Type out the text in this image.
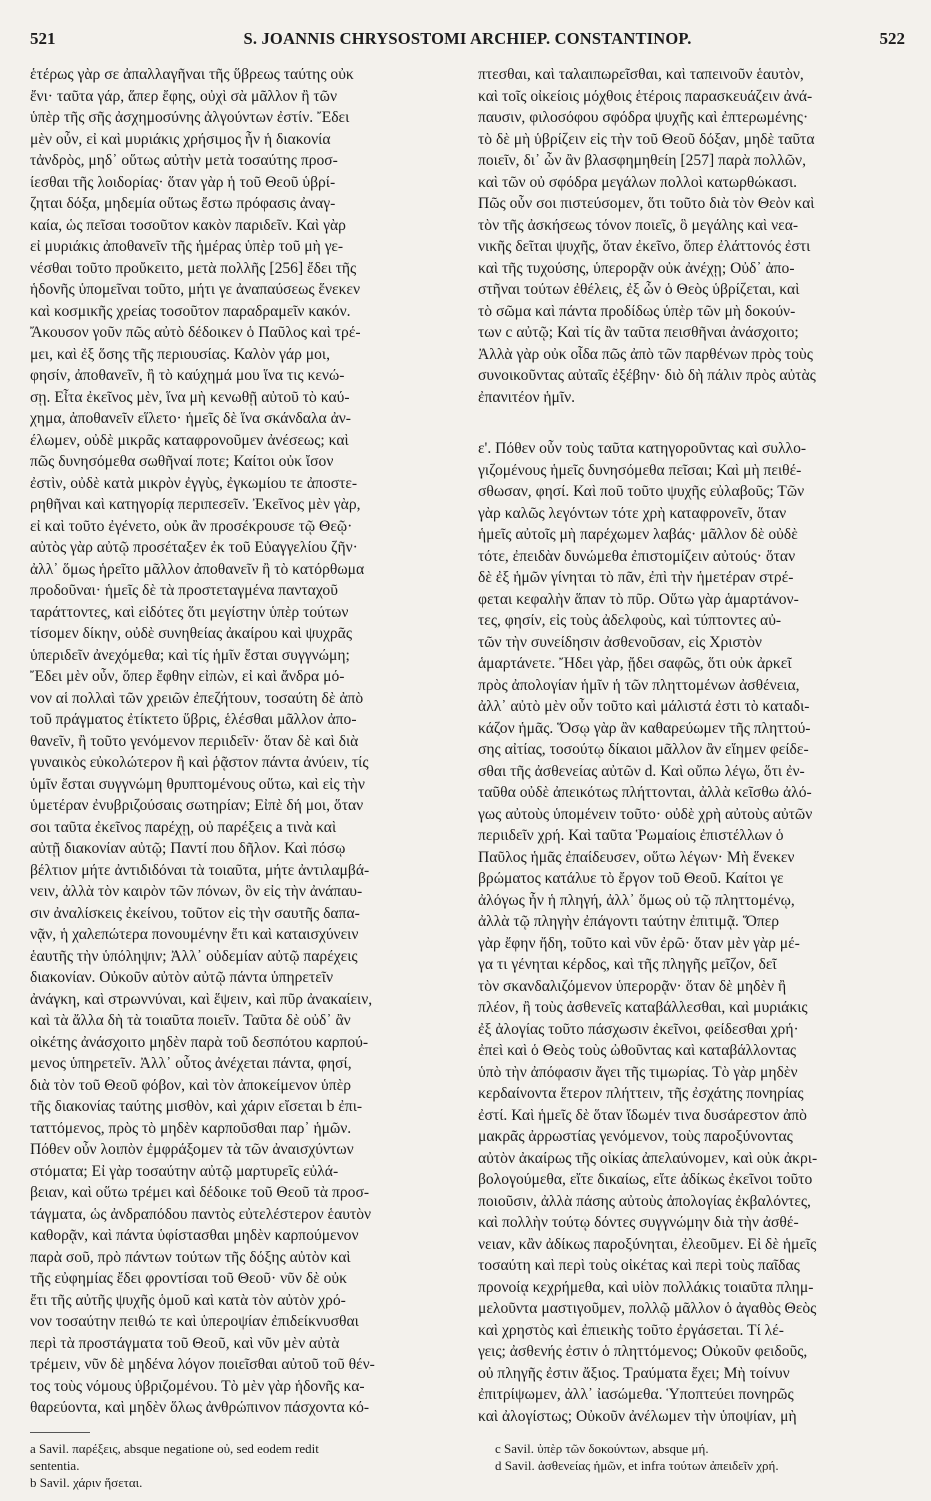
521	S. JOANNIS CHRYSOSTOMI ARCHIEP. CONSTANTINOP.	522
ἑτέρως γὰρ σε ἀπαλλαγῆναι τῆς ὕβρεως ταύτης οὐκ
ἔνι· ταῦτα γάρ, ἅπερ ἔφης, οὐχὶ σὰ μᾶλλον ἢ τῶν
ὑπὲρ τῆς σῆς ἀσχημοσύνης ἀλγούντων ἐστίν. Ἔδει
μὲν οὖν, εἰ καὶ μυριάκις χρήσιμος ἦν ἡ διακονία
τἀνδρὸς, μηδ᾽ οὕτως αὐτὴν μετὰ τοσαύτης προσ-
ίεσθαι τῆς λοιδορίας· ὅταν γὰρ ἡ τοῦ Θεοῦ ὑβρί-
ζηται δόξα, μηδεμία οὕτως ἔστω πρόφασις ἀναγ-
καία, ὡς πεῖσαι τοσοῦτον κακὸν παριδεῖν. Καὶ γὰρ
εἰ μυριάκις ἀποθανεῖν τῆς ἡμέρας ὑπὲρ τοῦ μὴ γε-
νέσθαι τοῦτο προὔκειτο, μετὰ πολλῆς [256] ἔδει τῆς
ἡδονῆς ὑπομεῖναι τοῦτο, μήτι γε ἀναπαύσεως ἕνεκεν
καὶ κοσμικῆς χρείας τοσοῦτον παραδραμεῖν κακόν.
Ἄκουσον γοῦν πῶς αὐτὸ δέδοικεν ὁ Παῦλος καὶ τρέ-
μει, καὶ ἐξ ὅσης τῆς περιουσίας. Καλὸν γάρ μοι,
φησίν, ἀποθανεῖν, ἢ τὸ καύχημά μου ἵνα τις κενώ-
σῃ. Εἶτα ἐκεῖνος μὲν, ἵνα μὴ κενωθῇ αὐτοῦ τὸ καύ-
χημα, ἀποθανεῖν εἵλετο· ἡμεῖς δὲ ἵνα σκάνδαλα ἀν-
έλωμεν, οὐδὲ μικρᾶς καταφρονοῦμεν ἀνέσεως; καὶ
πῶς δυνησόμεθα σωθῆναί ποτε; Καίτοι οὐκ ἴσον
ἐστὶν, οὐδὲ κατὰ μικρὸν ἐγγὺς, ἐγκωμίου τε ἀποστε-
ρηθῆναι καὶ κατηγορίᾳ περιπεσεῖν. Ἐκεῖνος μὲν γὰρ,
εἰ καὶ τοῦτο ἐγένετο, οὐκ ἂν προσέκρουσε τῷ Θεῷ·
αὐτὸς γὰρ αὐτῷ προσέταξεν ἐκ τοῦ Εὐαγγελίου ζῆν·
ἀλλ᾽ ὅμως ἡρεῖτο μᾶλλον ἀποθανεῖν ἢ τὸ κατόρθωμα
προδοῦναι· ἡμεῖς δὲ τὰ προστεταγμένα πανταχοῦ
ταράττοντες, καὶ εἰδότες ὅτι μεγίστην ὑπὲρ τούτων
τίσομεν δίκην, οὐδὲ συνηθείας ἀκαίρου καὶ ψυχρᾶς
ὑπεριδεῖν ἀνεχόμεθα; καὶ τίς ἡμῖν ἔσται συγγνώμη;
Ἔδει μὲν οὖν, ὅπερ ἔφθην εἰπὼν, εἰ καὶ ἄνδρα μό-
νον αἱ πολλαὶ τῶν χρειῶν ἐπεζήτουν, τοσαύτη δὲ ἀπὸ
τοῦ πράγματος ἐτίκτετο ὕβρις, ἑλέσθαι μᾶλλον ἀπο-
θανεῖν, ἢ τοῦτο γενόμενον περιιδεῖν· ὅταν δὲ καὶ διὰ
γυναικὸς εὐκολώτερον ἢ καὶ ῥᾷστον πάντα ἀνύειν, τίς
ὑμῖν ἔσται συγγνώμη θρυπτομένους οὕτω, καὶ εἰς τὴν
ὑμετέραν ἐνυβριζούσαις σωτηρίαν; Εἰπὲ δή μοι, ὅταν
σοι ταῦτα ἐκεῖνος παρέχῃ, οὐ παρέξεις a τινὰ καὶ
αὐτῇ διακονίαν αὐτῷ; Παντί που δῆλον. Καὶ πόσῳ
βέλτιον μήτε ἀντιδιδόναι τὰ τοιαῦτα, μήτε ἀντιλαμβά-
νειν, ἀλλὰ τὸν καιρὸν τῶν πόνων, ὃν εἰς τὴν ἀνάπαυ-
σιν ἀναλίσκεις ἐκείνου, τοῦτον εἰς τὴν σαυτῆς δαπα-
νᾷν, ἡ χαλεπώτερα πονουμένην ἔτι καὶ καταισχύνειν
ἑαυτῆς τὴν ὑπόληψιν; Ἀλλ᾽ οὐδεμίαν αὐτῷ παρέχεις
διακονίαν. Οὐκοῦν αὐτὸν αὐτῷ πάντα ὑπηρετεῖν
ἀνάγκη, καὶ στρωννύναι, καὶ ἕψειν, καὶ πῦρ ἀνακαίειν,
καὶ τὰ ἄλλα δὴ τὰ τοιαῦτα ποιεῖν. Ταῦτα δὲ οὐδ᾽ ἂν
οἰκέτης ἀνάσχοιτο μηδὲν παρὰ τοῦ δεσπότου καρπού-
μενος ὑπηρετεῖν. Ἀλλ᾽ οὗτος ἀνέχεται πάντα, φησί,
διὰ τὸν τοῦ Θεοῦ φόβον, καὶ τὸν ἀποκείμενον ὑπὲρ
τῆς διακονίας ταύτης μισθὸν, καὶ χάριν εἴσεται b ἐπι-
ταττόμενος, πρὸς τὸ μηδὲν καρποῦσθαι παρ᾽ ἡμῶν.
Πόθεν οὖν λοιπὸν ἐμφράξομεν τὰ τῶν ἀναισχύντων
στόματα; Εἰ γὰρ τοσαύτην αὐτῷ μαρτυρεῖς εὐλά-
βειαν, καὶ οὕτω τρέμει καὶ δέδοικε τοῦ Θεοῦ τὰ προσ-
τάγματα, ὡς ἀνδραπόδου παντὸς εὐτελέστερον ἑαυτὸν
καθορᾷν, καὶ πάντα ὑφίστασθαι μηδὲν καρπούμενον
παρὰ σοῦ, πρὸ πάντων τούτων τῆς δόξης αὐτὸν καὶ
τῆς εὐφημίας ἔδει φροντίσαι τοῦ Θεοῦ· νῦν δὲ οὐκ
ἔτι τῆς αὐτῆς ψυχῆς ὁμοῦ καὶ κατὰ τὸν αὐτὸν χρό-
νον τοσαύτην πειθώ τε καὶ ὑπεροψίαν ἐπιδείκνυσθαι
περὶ τὰ προστάγματα τοῦ Θεοῦ, καὶ νῦν μὲν αὐτὰ
τρέμειν, νῦν δὲ μηδένα λόγον ποιεῖσθαι αὐτοῦ τοῦ θέν-
τος τοὺς νόμους ὑβριζομένου. Τὸ μὲν γὰρ ἡδονῆς κα-
θαρεύοντα, καὶ μηδὲν ὅλως ἀνθρώπινον πάσχοντα κό-
πτεσθαι, καὶ ταλαιπωρεῖσθαι, καὶ ταπεινοῦν ἑαυτὸν,
καὶ τοῖς οἰκείοις μόχθοις ἑτέροις παρασκευάζειν ἀνά-
παυσιν, φιλοσόφου σφόδρα ψυχῆς καὶ ἐπτερωμένης·
τὸ δὲ μὴ ὑβρίζειν εἰς τὴν τοῦ Θεοῦ δόξαν, μηδὲ ταῦτα
ποιεῖν, δι᾽ ὧν ἂν βλασφημηθείη [257] παρὰ πολλῶν,
καὶ τῶν οὐ σφόδρα μεγάλων πολλοὶ κατωρθώκασι.
Πῶς οὖν σοι πιστεύσομεν, ὅτι τοῦτο διὰ τὸν Θεὸν καὶ
τὸν τῆς ἀσκήσεως τόνον ποιεῖς, ὃ μεγάλης καὶ νεα-
νικῆς δεῖται ψυχῆς, ὅταν ἐκεῖνο, ὅπερ ἐλάττονός ἐστι
καὶ τῆς τυχούσης, ὑπερορᾷν οὐκ ἀνέχῃ; Οὐδ᾽ ἀπο-
στῆναι τούτων ἐθέλεις, ἐξ ὧν ὁ Θεὸς ὑβρίζεται, καὶ
τὸ σῶμα καὶ πάντα προδίδως ὑπὲρ τῶν μὴ δοκούν-
των c αὐτῷ; Καὶ τίς ἂν ταῦτα πεισθῆναι ἀνάσχοιτο;
Ἀλλὰ γὰρ οὐκ οἶδα πῶς ἀπὸ τῶν παρθένων πρὸς τοὺς
συνοικοῦντας αὐταῖς ἐξέβην· διὸ δὴ πάλιν πρὸς αὐτὰς
ἐπανιτέον ἡμῖν.
ε'. Πόθεν οὖν τοὺς ταῦτα κατηγοροῦντας καὶ συλλο-
γιζομένους ἡμεῖς δυνησόμεθα πεῖσαι; Καὶ μὴ πειθέ-
σθωσαν, φησί. Καὶ ποῦ τοῦτο ψυχῆς εὐλαβοῦς; Τῶν
γὰρ καλῶς λεγόντων τότε χρὴ καταφρονεῖν, ὅταν
ἡμεῖς αὐτοῖς μὴ παρέχωμεν λαβάς· μᾶλλον δὲ οὐδὲ
τότε, ἐπειδὰν δυνώμεθα ἐπιστομίζειν αὐτούς· ὅταν
δὲ ἐξ ἡμῶν γίνηται τὸ πᾶν, ἐπὶ τὴν ἡμετέραν στρέ-
φεται κεφαλὴν ἅπαν τὸ πῦρ. Οὕτω γὰρ ἁμαρτάνον-
τες, φησίν, εἰς τοὺς ἀδελφοὺς, καὶ τύπτοντες αὐ-
τῶν τὴν συνείδησιν ἀσθενοῦσαν, εἰς Χριστὸν
ἁμαρτάνετε. Ἤδει γὰρ, ᾔδει σαφῶς, ὅτι οὐκ ἀρκεῖ
πρὸς ἀπολογίαν ἡμῖν ἡ τῶν πληττομένων ἀσθένεια,
ἀλλ᾽ αὐτὸ μὲν οὖν τοῦτο καὶ μάλιστά ἐστι τὸ καταδι-
κάζον ἡμᾶς. Ὅσῳ γὰρ ἂν καθαρεύωμεν τῆς πληττού-
σης αἰτίας, τοσούτῳ δίκαιοι μᾶλλον ἂν εἴημεν φείδε-
σθαι τῆς ἀσθενείας αὐτῶν d. Καὶ οὔπω λέγω, ὅτι ἐν-
ταῦθα οὐδὲ ἀπεικότως πλήττονται, ἀλλὰ κεῖσθω ἀλό-
γως αὐτοὺς ὑπομένειν τοῦτο· οὐδὲ χρὴ αὐτοὺς αὐτῶν
περιιδεῖν χρή. Καὶ ταῦτα Ῥωμαίοις ἐπιστέλλων ὁ
Παῦλος ἡμᾶς ἐπαίδευσεν, οὕτω λέγων· Μὴ ἕνεκεν
βρώματος κατάλυε τὸ ἔργον τοῦ Θεοῦ. Καίτοι γε
ἀλόγως ἦν ἡ πληγή, ἀλλ᾽ ὅμως οὐ τῷ πληττομένῳ,
ἀλλὰ τῷ πληγὴν ἐπάγοντι ταύτην ἐπιτιμᾷ. Ὅπερ
γὰρ ἔφην ἤδη, τοῦτο καὶ νῦν ἐρῶ· ὅταν μὲν γὰρ μέ-
γα τι γένηται κέρδος, καὶ τῆς πληγῆς μεῖζον, δεῖ
τὸν σκανδαλιζόμενον ὑπερορᾷν· ὅταν δὲ μηδὲν ἢ
πλέον, ἢ τοὺς ἀσθενεῖς καταβάλλεσθαι, καὶ μυριάκις
ἐξ ἀλογίας τοῦτο πάσχωσιν ἐκεῖνοι, φείδεσθαι χρή·
ἐπεὶ καὶ ὁ Θεὸς τοὺς ὠθοῦντας καὶ καταβάλλοντας
ὑπὸ τὴν ἀπόφασιν ἄγει τῆς τιμωρίας. Τὸ γὰρ μηδὲν
κερδαίνοντα ἕτερον πλήττειν, τῆς ἐσχάτης πονηρίας
ἐστί. Καὶ ἡμεῖς δὲ ὅταν ἴδωμέν τινα δυσάρεστον ἀπὸ
μακρᾶς ἀρρωστίας γενόμενον, τοὺς παροξύνοντας
αὐτὸν ἀκαίρως τῆς οἰκίας ἀπελαύνομεν, καὶ οὐκ ἀκρι-
βολογούμεθα, εἴτε δικαίως, εἴτε ἀδίκως ἐκεῖνοι τοῦτο
ποιοῦσιν, ἀλλὰ πάσης αὐτοὺς ἀπολογίας ἐκβαλόντες,
καὶ πολλὴν τούτῳ δόντες συγγνώμην διὰ τὴν ἀσθέ-
νειαν, κἂν ἀδίκως παροξύνηται, ἐλεοῦμεν. Εἰ δὲ ἡμεῖς
τοσαύτη καὶ περὶ τοὺς οἰκέτας καὶ περὶ τοὺς παῖδας
προνοίᾳ κεχρήμεθα, καὶ υἱὸν πολλάκις τοιαῦτα πλημ-
μελοῦντα μαστιγοῦμεν, πολλῷ μᾶλλον ὁ ἀγαθὸς Θεὸς
καὶ χρηστὸς καὶ ἐπιεικὴς τοῦτο ἐργάσεται. Τί λέ-
γεις; ἀσθενής ἐστιν ὁ πληττόμενος; Οὐκοῦν φειδοῦς,
οὐ πληγῆς ἐστιν ἄξιος. Τραύματα ἔχει; Μὴ τοίνυν
ἐπιτρίψωμεν, ἀλλ᾽ ἰασώμεθα. Ὑποπτεύει πονηρῶς
καὶ ἀλογίστως; Οὐκοῦν ἀνέλωμεν τὴν ὑποψίαν, μὴ
a Savil. παρέξεις, absque negatione οὐ, sed eodem redit
sententia.
b Savil. χάριν ἥσεται.
c Savil. ὑπὲρ τῶν δοκούντων, absque μή.
d Savil. ἀσθενείας ἡμῶν, et infra τούτων ἀπειδεῖν χρή.
